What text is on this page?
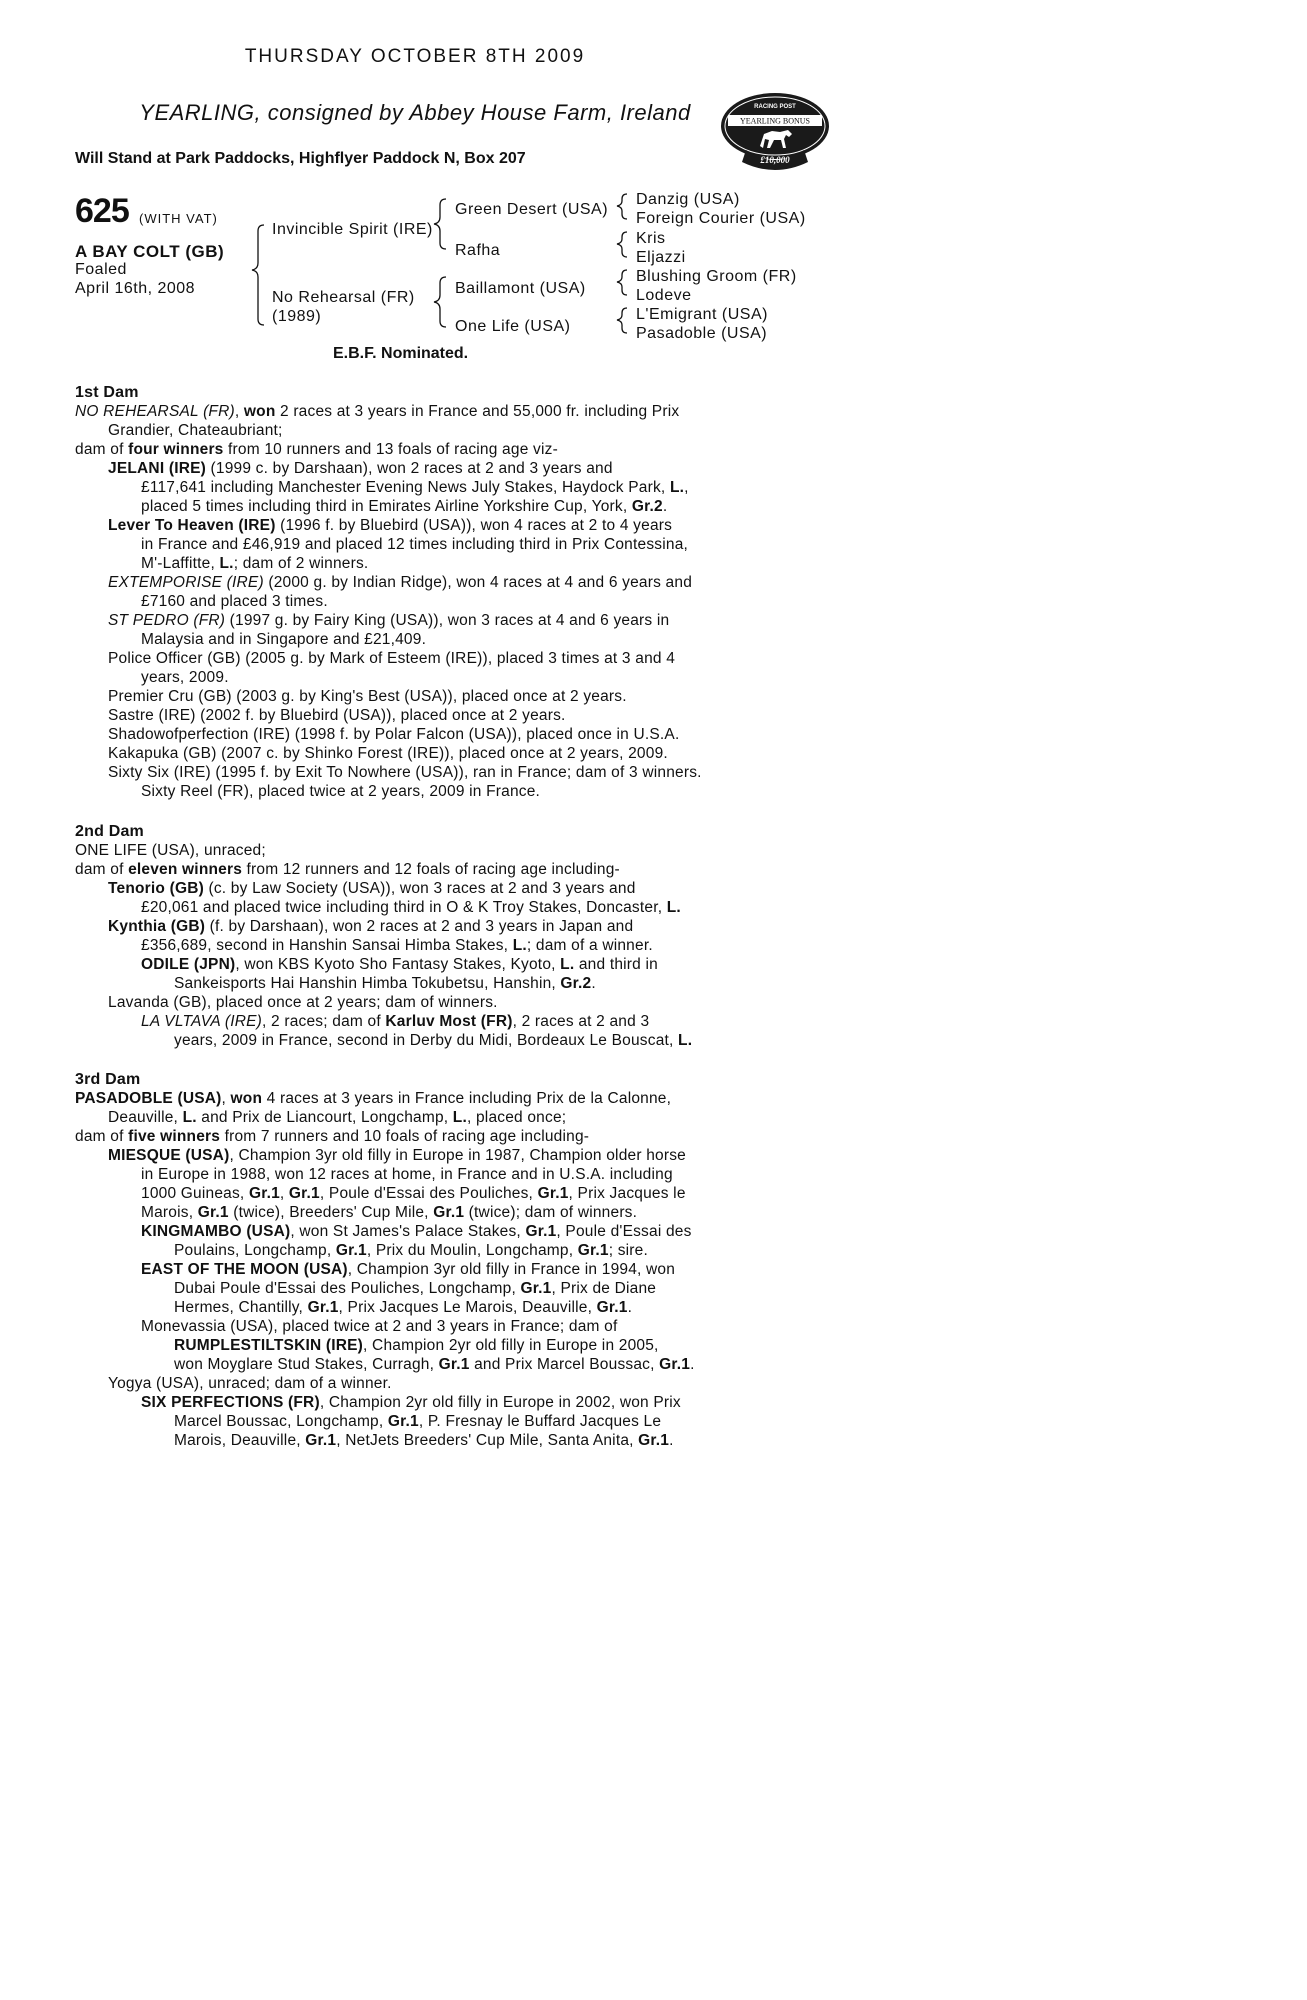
THURSDAY OCTOBER 8TH 2009
YEARLING, consigned by Abbey House Farm, Ireland
Will Stand at Park Paddocks, Highflyer Paddock N, Box 207
RACING POST
YEARLING BONUS
£10,000
625 (WITH VAT)
A BAY COLT (GB)
Foaled
April 16th, 2008
Invincible Spirit (IRE)
No Rehearsal (FR)
(1989)
Green Desert (USA)
Rafha
Baillamont (USA)
One Life (USA)
Danzig (USA)
Foreign Courier (USA)
Kris
Eljazzi
Blushing Groom (FR)
Lodeve
L'Emigrant (USA)
Pasadoble (USA)
E.B.F. Nominated.

1st Dam

NO REHEARSAL (FR), won 2 races at 3 years in France and 55,000 fr. including Prix

Grandier, Chateaubriant;

dam of four winners from 10 runners and 13 foals of racing age viz-

JELANI (IRE) (1999 c. by Darshaan), won 2 races at 2 and 3 years and

£117,641 including Manchester Evening News July Stakes, Haydock Park, L.,

placed 5 times including third in Emirates Airline Yorkshire Cup, York, Gr.2.

Lever To Heaven (IRE) (1996 f. by Bluebird (USA)), won 4 races at 2 to 4 years

in France and £46,919 and placed 12 times including third in Prix Contessina,

M'-Laffitte, L.; dam of 2 winners.

EXTEMPORISE (IRE) (2000 g. by Indian Ridge), won 4 races at 4 and 6 years and

£7160 and placed 3 times.

ST PEDRO (FR) (1997 g. by Fairy King (USA)), won 3 races at 4 and 6 years in

Malaysia and in Singapore and £21,409.

Police Officer (GB) (2005 g. by Mark of Esteem (IRE)), placed 3 times at 3 and 4

years, 2009.

Premier Cru (GB) (2003 g. by King's Best (USA)), placed once at 2 years.

Sastre (IRE) (2002 f. by Bluebird (USA)), placed once at 2 years.

Shadowofperfection (IRE) (1998 f. by Polar Falcon (USA)), placed once in U.S.A.

Kakapuka (GB) (2007 c. by Shinko Forest (IRE)), placed once at 2 years, 2009.

Sixty Six (IRE) (1995 f. by Exit To Nowhere (USA)), ran in France; dam of 3 winners.

Sixty Reel (FR), placed twice at 2 years, 2009 in France.

2nd Dam

ONE LIFE (USA), unraced;

dam of eleven winners from 12 runners and 12 foals of racing age including-

Tenorio (GB) (c. by Law Society (USA)), won 3 races at 2 and 3 years and

£20,061 and placed twice including third in O & K Troy Stakes, Doncaster, L.

Kynthia (GB) (f. by Darshaan), won 2 races at 2 and 3 years in Japan and

£356,689, second in Hanshin Sansai Himba Stakes, L.; dam of a winner.

ODILE (JPN), won KBS Kyoto Sho Fantasy Stakes, Kyoto, L. and third in

Sankeisports Hai Hanshin Himba Tokubetsu, Hanshin, Gr.2.

Lavanda (GB), placed once at 2 years; dam of winners.

LA VLTAVA (IRE), 2 races; dam of Karluv Most (FR), 2 races at 2 and 3

years, 2009 in France, second in Derby du Midi, Bordeaux Le Bouscat, L.

3rd Dam

PASADOBLE (USA), won 4 races at 3 years in France including Prix de la Calonne,

Deauville, L. and Prix de Liancourt, Longchamp, L., placed once;

dam of five winners from 7 runners and 10 foals of racing age including-

MIESQUE (USA), Champion 3yr old filly in Europe in 1987, Champion older horse

in Europe in 1988, won 12 races at home, in France and in U.S.A. including

1000 Guineas, Gr.1, Gr.1, Poule d'Essai des Pouliches, Gr.1, Prix Jacques le

Marois, Gr.1 (twice), Breeders' Cup Mile, Gr.1 (twice); dam of winners.

KINGMAMBO (USA), won St James's Palace Stakes, Gr.1, Poule d'Essai des

Poulains, Longchamp, Gr.1, Prix du Moulin, Longchamp, Gr.1; sire.

EAST OF THE MOON (USA), Champion 3yr old filly in France in 1994, won

Dubai Poule d'Essai des Pouliches, Longchamp, Gr.1, Prix de Diane

Hermes, Chantilly, Gr.1, Prix Jacques Le Marois, Deauville, Gr.1.

Monevassia (USA), placed twice at 2 and 3 years in France; dam of

RUMPLESTILTSKIN (IRE), Champion 2yr old filly in Europe in 2005,

won Moyglare Stud Stakes, Curragh, Gr.1 and Prix Marcel Boussac, Gr.1.

Yogya (USA), unraced; dam of a winner.

SIX PERFECTIONS (FR), Champion 2yr old filly in Europe in 2002, won Prix

Marcel Boussac, Longchamp, Gr.1, P. Fresnay le Buffard Jacques Le

Marois, Deauville, Gr.1, NetJets Breeders' Cup Mile, Santa Anita, Gr.1.
